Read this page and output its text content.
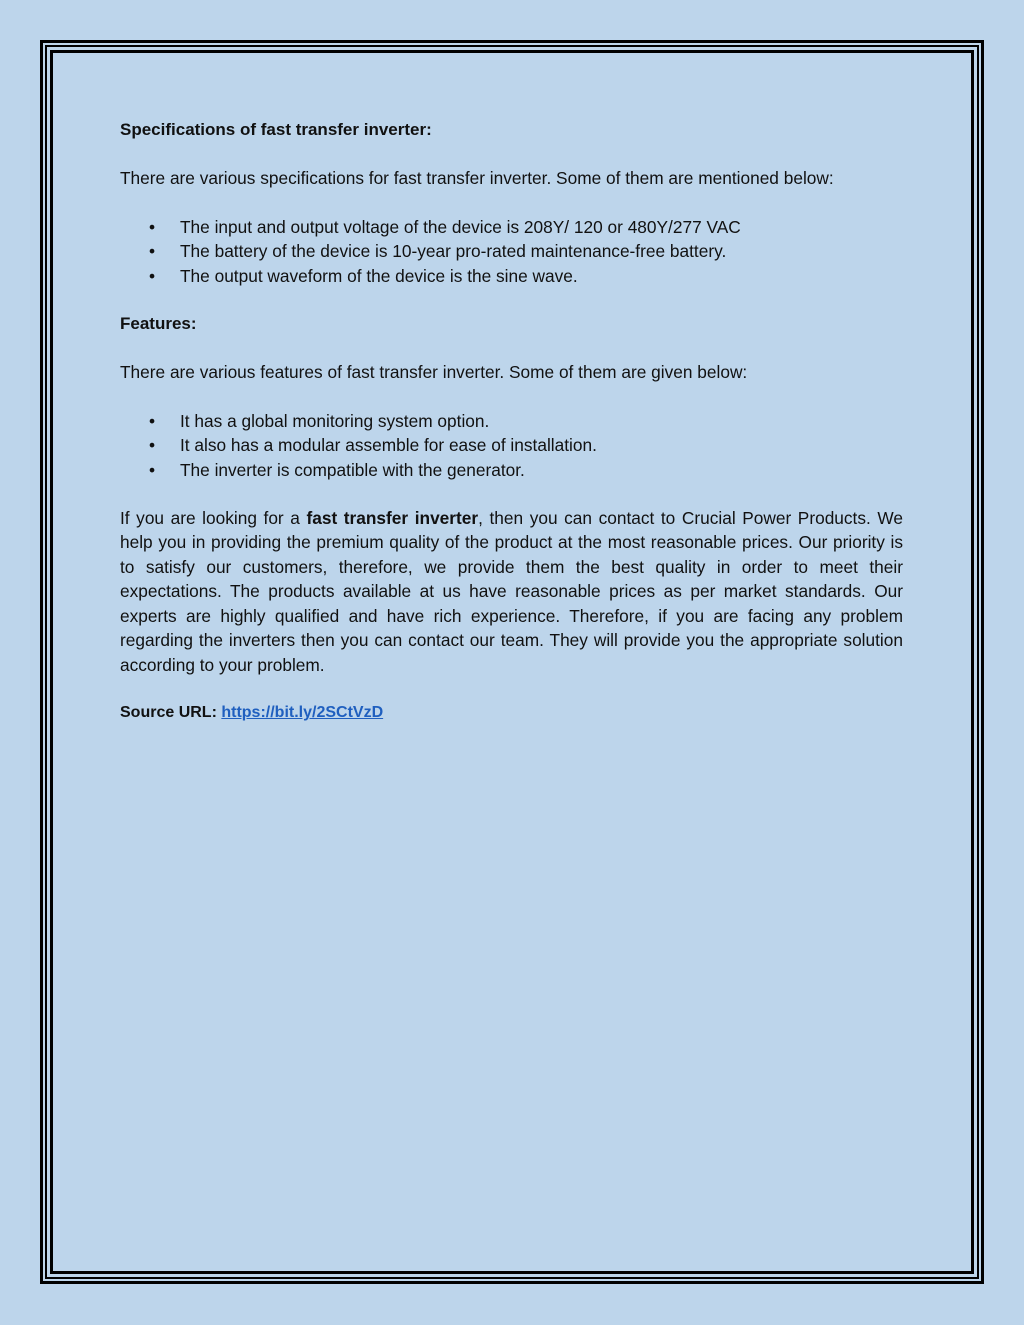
Specifications of fast transfer inverter:

There are various specifications for fast transfer inverter. Some of them are mentioned below:

• The input and output voltage of the device is 208Y/ 120 or 480Y/277 VAC
• The battery of the device is 10-year pro-rated maintenance-free battery.
• The output waveform of the device is the sine wave.
Features:

There are various features of fast transfer inverter. Some of them are given below:

• It has a global monitoring system option.
• It also has a modular assemble for ease of installation.
• The inverter is compatible with the generator.

If you are looking for a fast transfer inverter, then you can contact to Crucial Power Products. We help you in providing the premium quality of the product at the most reasonable prices. Our priority is to satisfy our customers, therefore, we provide them the best quality in order to meet their expectations. The products available at us have reasonable prices as per market standards. Our experts are highly qualified and have rich experience. Therefore, if you are facing any problem regarding the inverters then you can contact our team. They will provide you the appropriate solution according to your problem.

Source URL: https://bit.ly/2SCtVzD
